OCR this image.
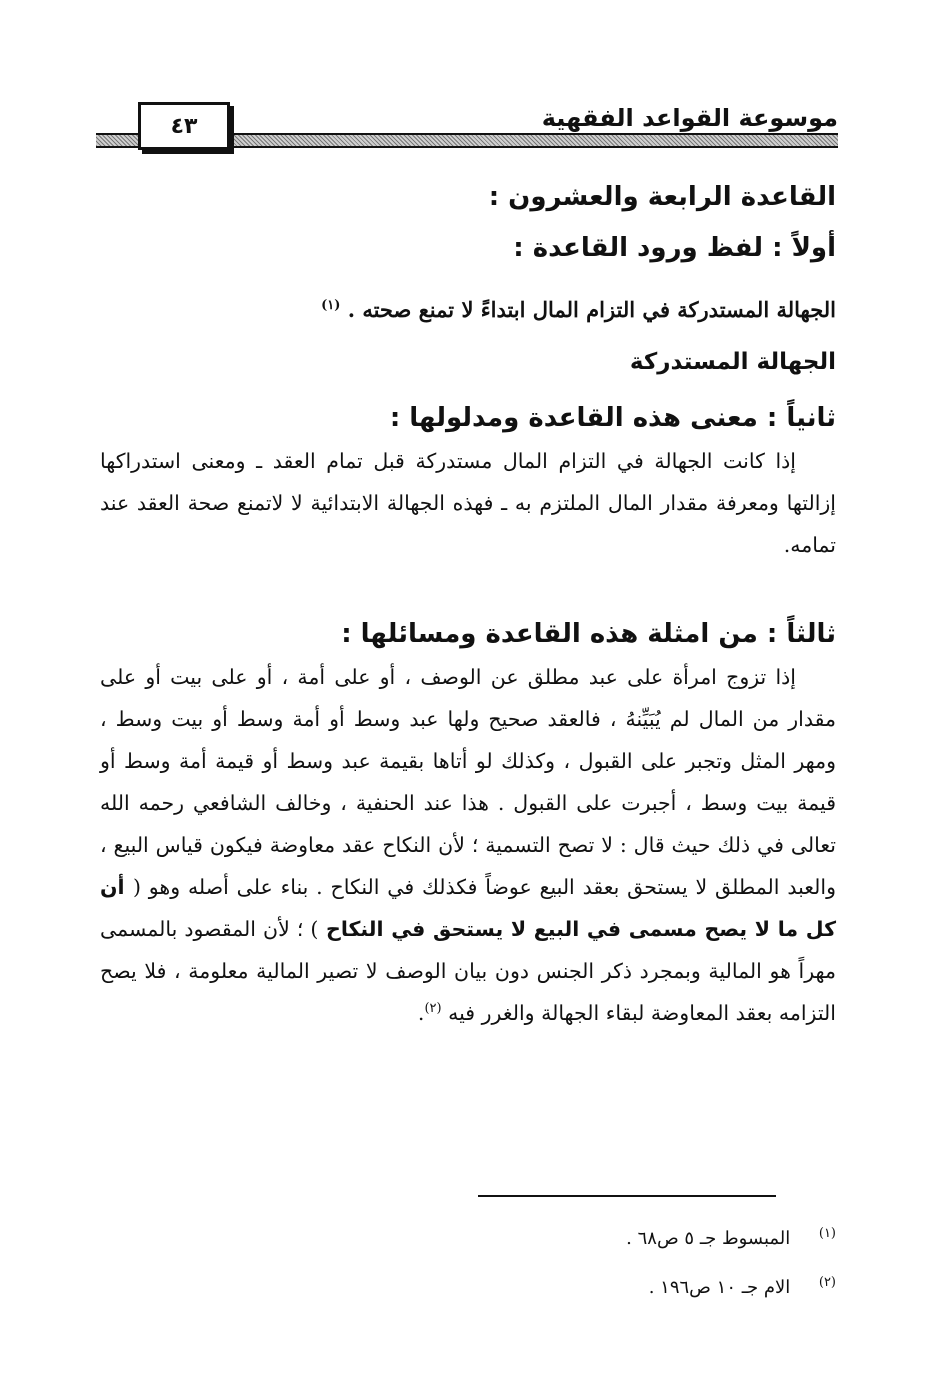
موسوعة القواعد الفقهية
٤٣
القاعدة الرابعة والعشرون :
أولاً : لفظ ورود القاعدة :
الجهالة المستدركة في التزام المال ابتداءً لا تمنع صحته . $^{(١)}$
الجهالة المستدركة
ثانياً : معنى هذه القاعدة ومدلولها :

إذا كانت الجهالة في التزام المال مستدركة قبل تمام العقد ـ ومعنى استدراكها إزالتها ومعرفة مقدار المال الملتزم به ـ فهذه الجهالة الابتدائية لا لاتمنع صحة العقد عند تمامه.

ثالثاً : من امثلة هذه القاعدة ومسائلها :

إذا تزوج امرأة على عبد مطلق عن الوصف ، أو على أمة ، أو على بيت أو على مقدار من المال لم يُبَيِّنهُ ، فالعقد صحيح ولها عبد وسط أو أمة وسط أو بيت وسط ، ومهر المثل وتجبر على القبول ، وكذلك لو أتاها بقيمة عبد وسط أو قيمة أمة وسط أو قيمة بيت وسط ، أجبرت على القبول . هذا عند الحنفية ، وخالف الشافعي رحمه الله تعالى في ذلك حيث قال : لا تصح التسمية ؛ لأن النكاح عقد معاوضة فيكون قياس البيع ، والعبد المطلق لا يستحق بعقد البيع عوضاً فكذلك في النكاح . بناء على أصله وهو ( أن كل ما لا يصح مسمى في البيع لا يستحق في النكاح ) ؛ لأن المقصود بالمسمى مهراً هو المالية وبمجرد ذكر الجنس دون بيان الوصف لا تصير المالية معلومة ، فلا يصح التزامه بعقد المعاوضة لبقاء الجهالة والغرر فيه $^{(٢)}$.

(١) المبسوط جـ ٥ ص٦٨ .
(٢) الام جـ ١٠ ص١٩٦ .
